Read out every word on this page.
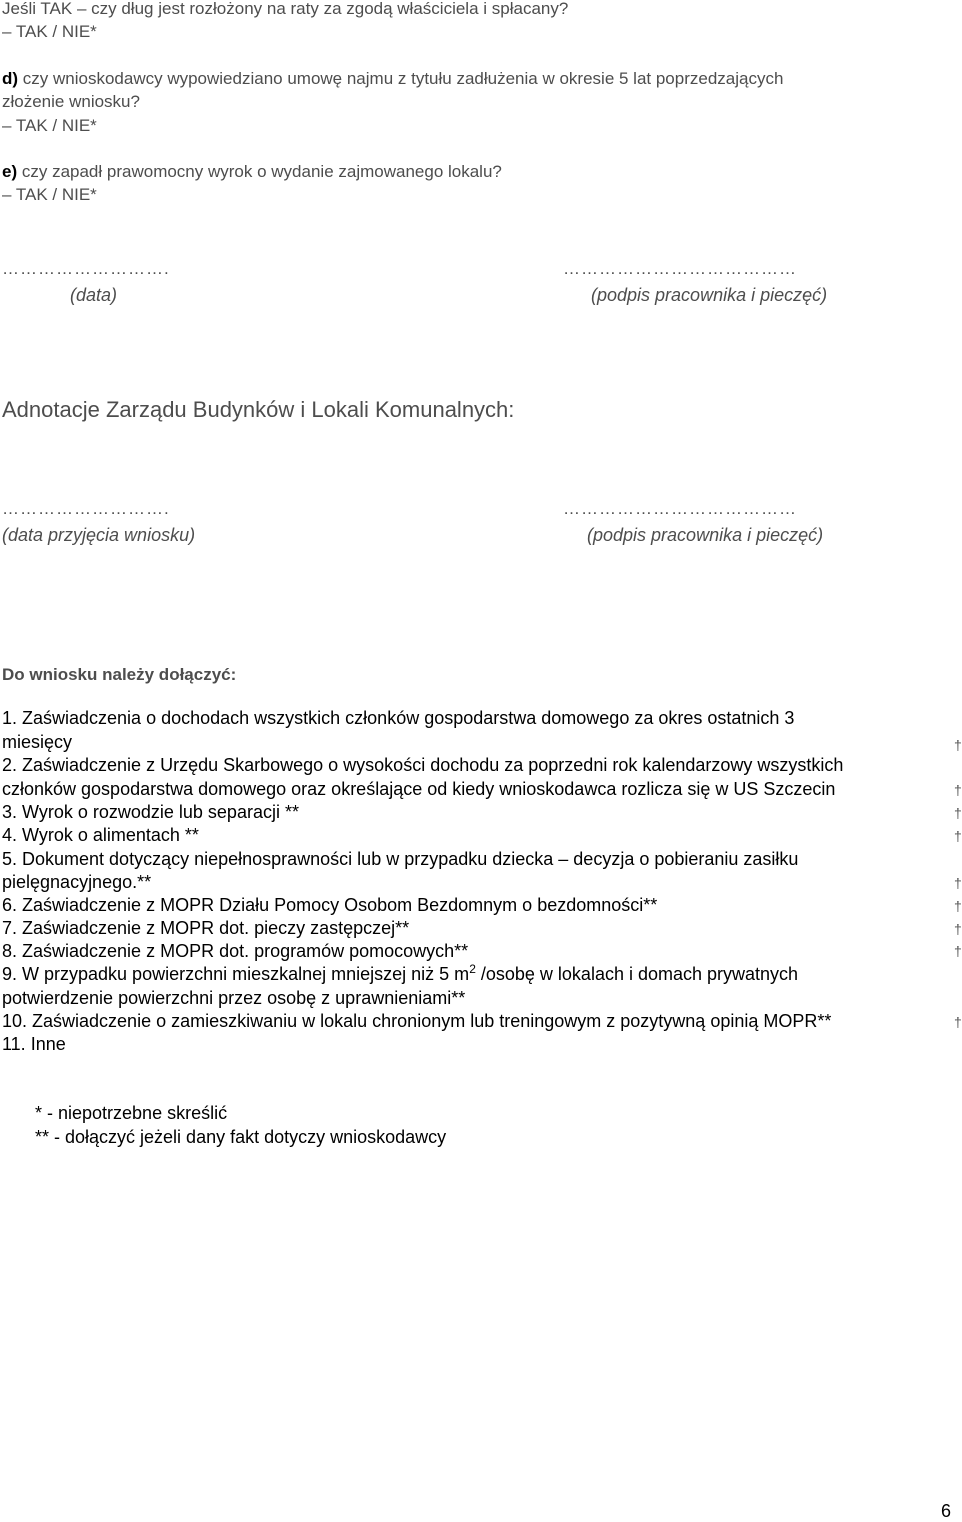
Jeśli TAK – czy dług jest rozłożony na raty za zgodą właściciela i spłacany?
– TAK / NIE*
d) czy wnioskodawcy wypowiedziano umowę najmu z tytułu zadłużenia w okresie 5 lat poprzedzających
złożenie wniosku?
– TAK / NIE*
e) czy zapadł prawomocny wyrok o wydanie zajmowanego lokalu?
– TAK / NIE*
……………………….
(data)
…………………………………
(podpis pracownika i pieczęć)
Adnotacje Zarządu Budynków i Lokali Komunalnych:
……………………….
(data przyjęcia wniosku)
…………………………………
(podpis pracownika i pieczęć)
Do wniosku należy dołączyć:
1. Zaświadczenia o dochodach wszystkich członków gospodarstwa domowego za okres ostatnich 3
miesięcy	†
2. Zaświadczenie z Urzędu Skarbowego o wysokości dochodu za poprzedni rok kalendarzowy wszystkich
członków gospodarstwa domowego oraz określające od kiedy wnioskodawca rozlicza się w US Szczecin	†
3. Wyrok o rozwodzie lub separacji **	†
4. Wyrok o alimentach **	†
5. Dokument dotyczący niepełnosprawności lub w przypadku dziecka – decyzja o pobieraniu zasiłku
pielęgnacyjnego.**	†
6. Zaświadczenie z MOPR Działu Pomocy Osobom Bezdomnym o bezdomności**	†
7. Zaświadczenie z MOPR dot. pieczy zastępczej**	†
8. Zaświadczenie z MOPR dot. programów pomocowych**	†
9. W przypadku powierzchni mieszkalnej mniejszej niż 5 $m^2$ /osobę w lokalach i domach prywatnych
potwierdzenie powierzchni przez osobę z uprawnieniami**
10. Zaświadczenie o zamieszkiwaniu w lokalu chronionym lub treningowym z pozytywną opinią MOPR**	†
11. Inne
* - niepotrzebne skreślić
** - dołączyć jeżeli dany fakt dotyczy wnioskodawcy
6
